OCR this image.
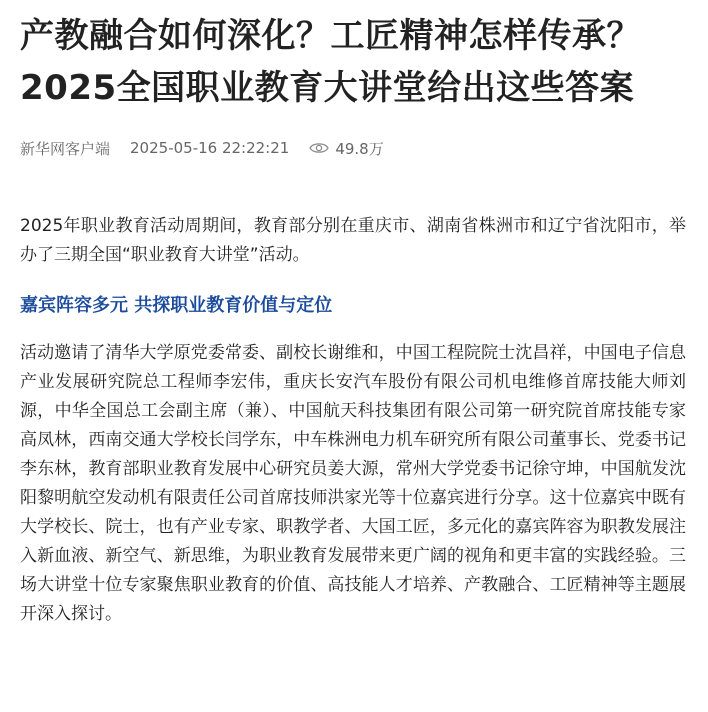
产教融合如何深化？工匠精神怎样传承？2025全国职业教育大讲堂给出这些答案
新华网客户端 2025-05-16 22:22:21	49.8万

2025年职业教育活动周期间，教育部分别在重庆市、湖南省株洲市和辽宁省沈阳市，举办了三期全国“职业教育大讲堂”活动。

嘉宾阵容多元 共探职业教育价值与定位

活动邀请了清华大学原党委常委、副校长谢维和，中国工程院院士沈昌祥，中国电子信息产业发展研究院总工程师李宏伟，重庆长安汽车股份有限公司机电维修首席技能大师刘源，中华全国总工会副主席（兼）、中国航天科技集团有限公司第一研究院首席技能专家高凤林，西南交通大学校长闫学东，中车株洲电力机车研究所有限公司董事长、党委书记李东林，教育部职业教育发展中心研究员姜大源，常州大学党委书记徐守坤，中国航发沈阳黎明航空发动机有限责任公司首席技师洪家光等十位嘉宾进行分享。这十位嘉宾中既有大学校长、院士，也有产业专家、职教学者、大国工匠，多元化的嘉宾阵容为职教发展注入新血液、新空气、新思维，为职业教育发展带来更广阔的视角和更丰富的实践经验。三场大讲堂十位专家聚焦职业教育的价值、高技能人才培养、产教融合、工匠精神等主题展开深入探讨。
